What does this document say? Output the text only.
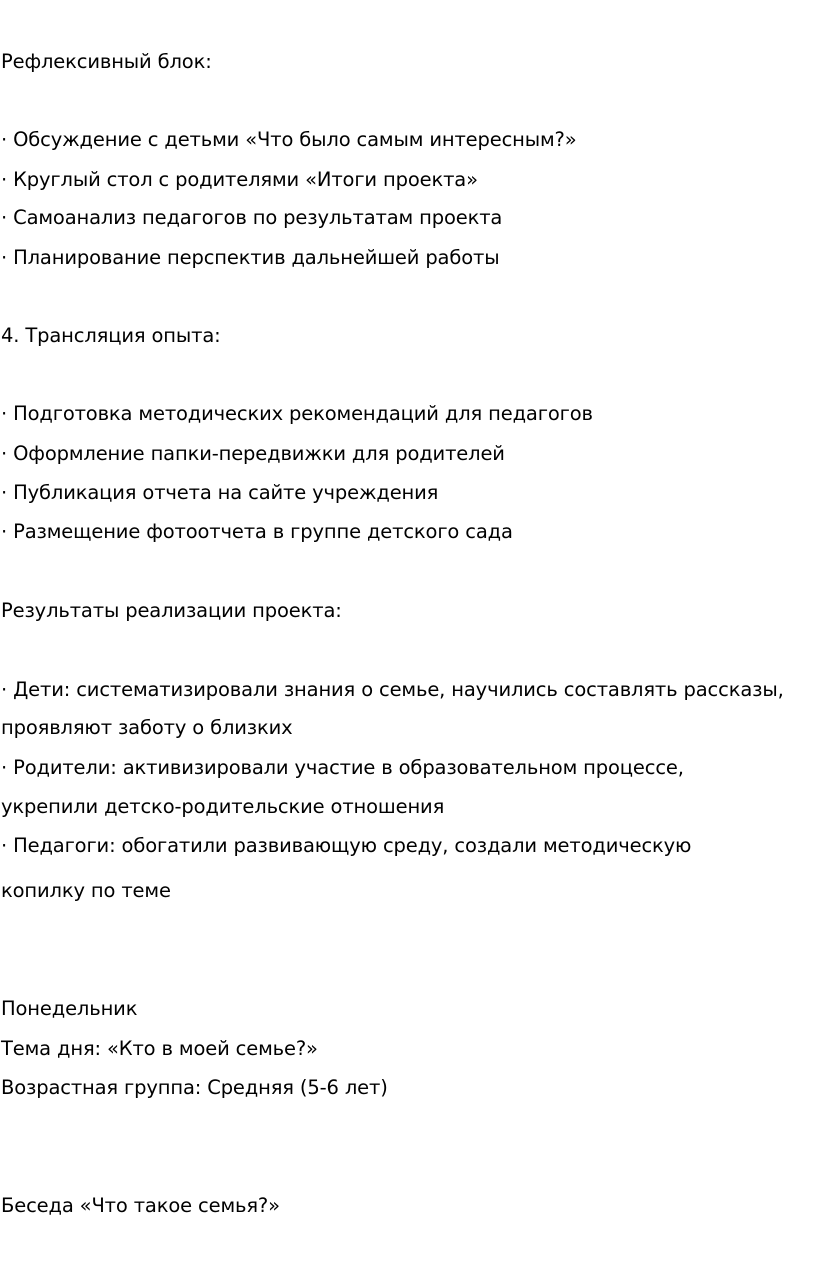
Рефлексивный блок:
· Обсуждение с детьми «Что было самым интересным?»
· Круглый стол с родителями «Итоги проекта»
· Самоанализ педагогов по результатам проекта
· Планирование перспектив дальнейшей работы
4. Трансляция опыта:
· Подготовка методических рекомендаций для педагогов
· Оформление папки-передвижки для родителей
· Публикация отчета на сайте учреждения
· Размещение фотоотчета в группе детского сада
Результаты реализации проекта:
· Дети: систематизировали знания о семье, научились составлять рассказы,
проявляют заботу о близких
· Родители: активизировали участие в образовательном процессе,
укрепили детско-родительские отношения
· Педагоги: обогатили развивающую среду, создали методическую
копилку по теме
Понедельник
Тема дня: «Кто в моей семье?»
Возрастная группа: Средняя (5-6 лет)
Беседа «Что такое семья?»
